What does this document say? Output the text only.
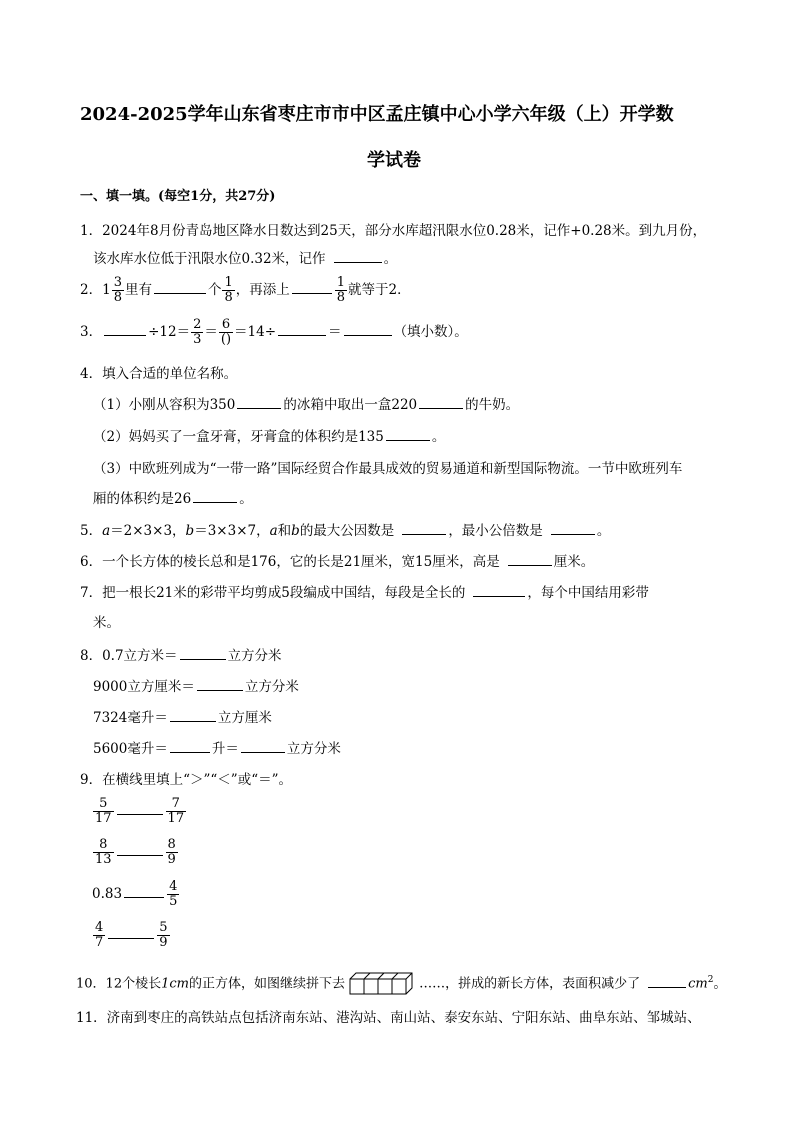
2024-2025学年山东省枣庄市市中区孟庄镇中心小学六年级（上）开学数
学试卷
一、填一填。(每空1分，共27分)
1．2024年8月份青岛地区降水日数达到25天，部分水库超汛限水位0.28米，记作+0.28米。到九月份，
该水库水位低于汛限水位0.32米，记作	。
2．$1 \frac{3}{8}$ 里有	个 $\frac{1}{8}$ ，再添上	$\frac{1}{8}$ 就等于2．
3．	$\div 12= \frac{2}{3} = 6$
() ＝14÷	＝	（填小数）。
4．填入合适的单位名称。
（1）小刚从容积为350	的冰箱中取出一盒220	的牛奶。
（2）妈妈买了一盒牙膏，牙膏盒的体积约是135	。
（3）中欧班列成为“一带一路”国际经贸合作最具成效的贸易通道和新型国际物流。一节中欧班列车
厢的体积约是26	。
5．a＝2×3×3，b＝3×3×7，a和b的最大公因数是	，最小公倍数是	。
6．一个长方体的棱长总和是176，它的长是21厘米，宽15厘米，高是	厘米。
7．把一根长21米的彩带平均剪成5段编成中国结，每段是全长的	，每个中国结用彩带
米。
8．0.7立方米＝	立方分米
9000立方厘米＝	立方分米
7324毫升＝	立方厘米
5600毫升＝	升＝	立方分米
9．在横线里填上“＞”“＜”或“＝”。
$\frac{5}{17}$	$\frac{7}{17}$
$\frac{8}{13}$	$\frac{8}{9}$
0.83	$\frac{4}{5}$
$\frac{4}{7}$	$\frac{5}{9}$
10．12个棱长1cm的正方体，如图继续拼下去	……，拼成的新长方体，表面积减少了	$cm^2$。
11．济南到枣庄的高铁站点包括济南东站、港沟站、南山站、泰安东站、宁阳东站、曲阜东站、邹城站、
